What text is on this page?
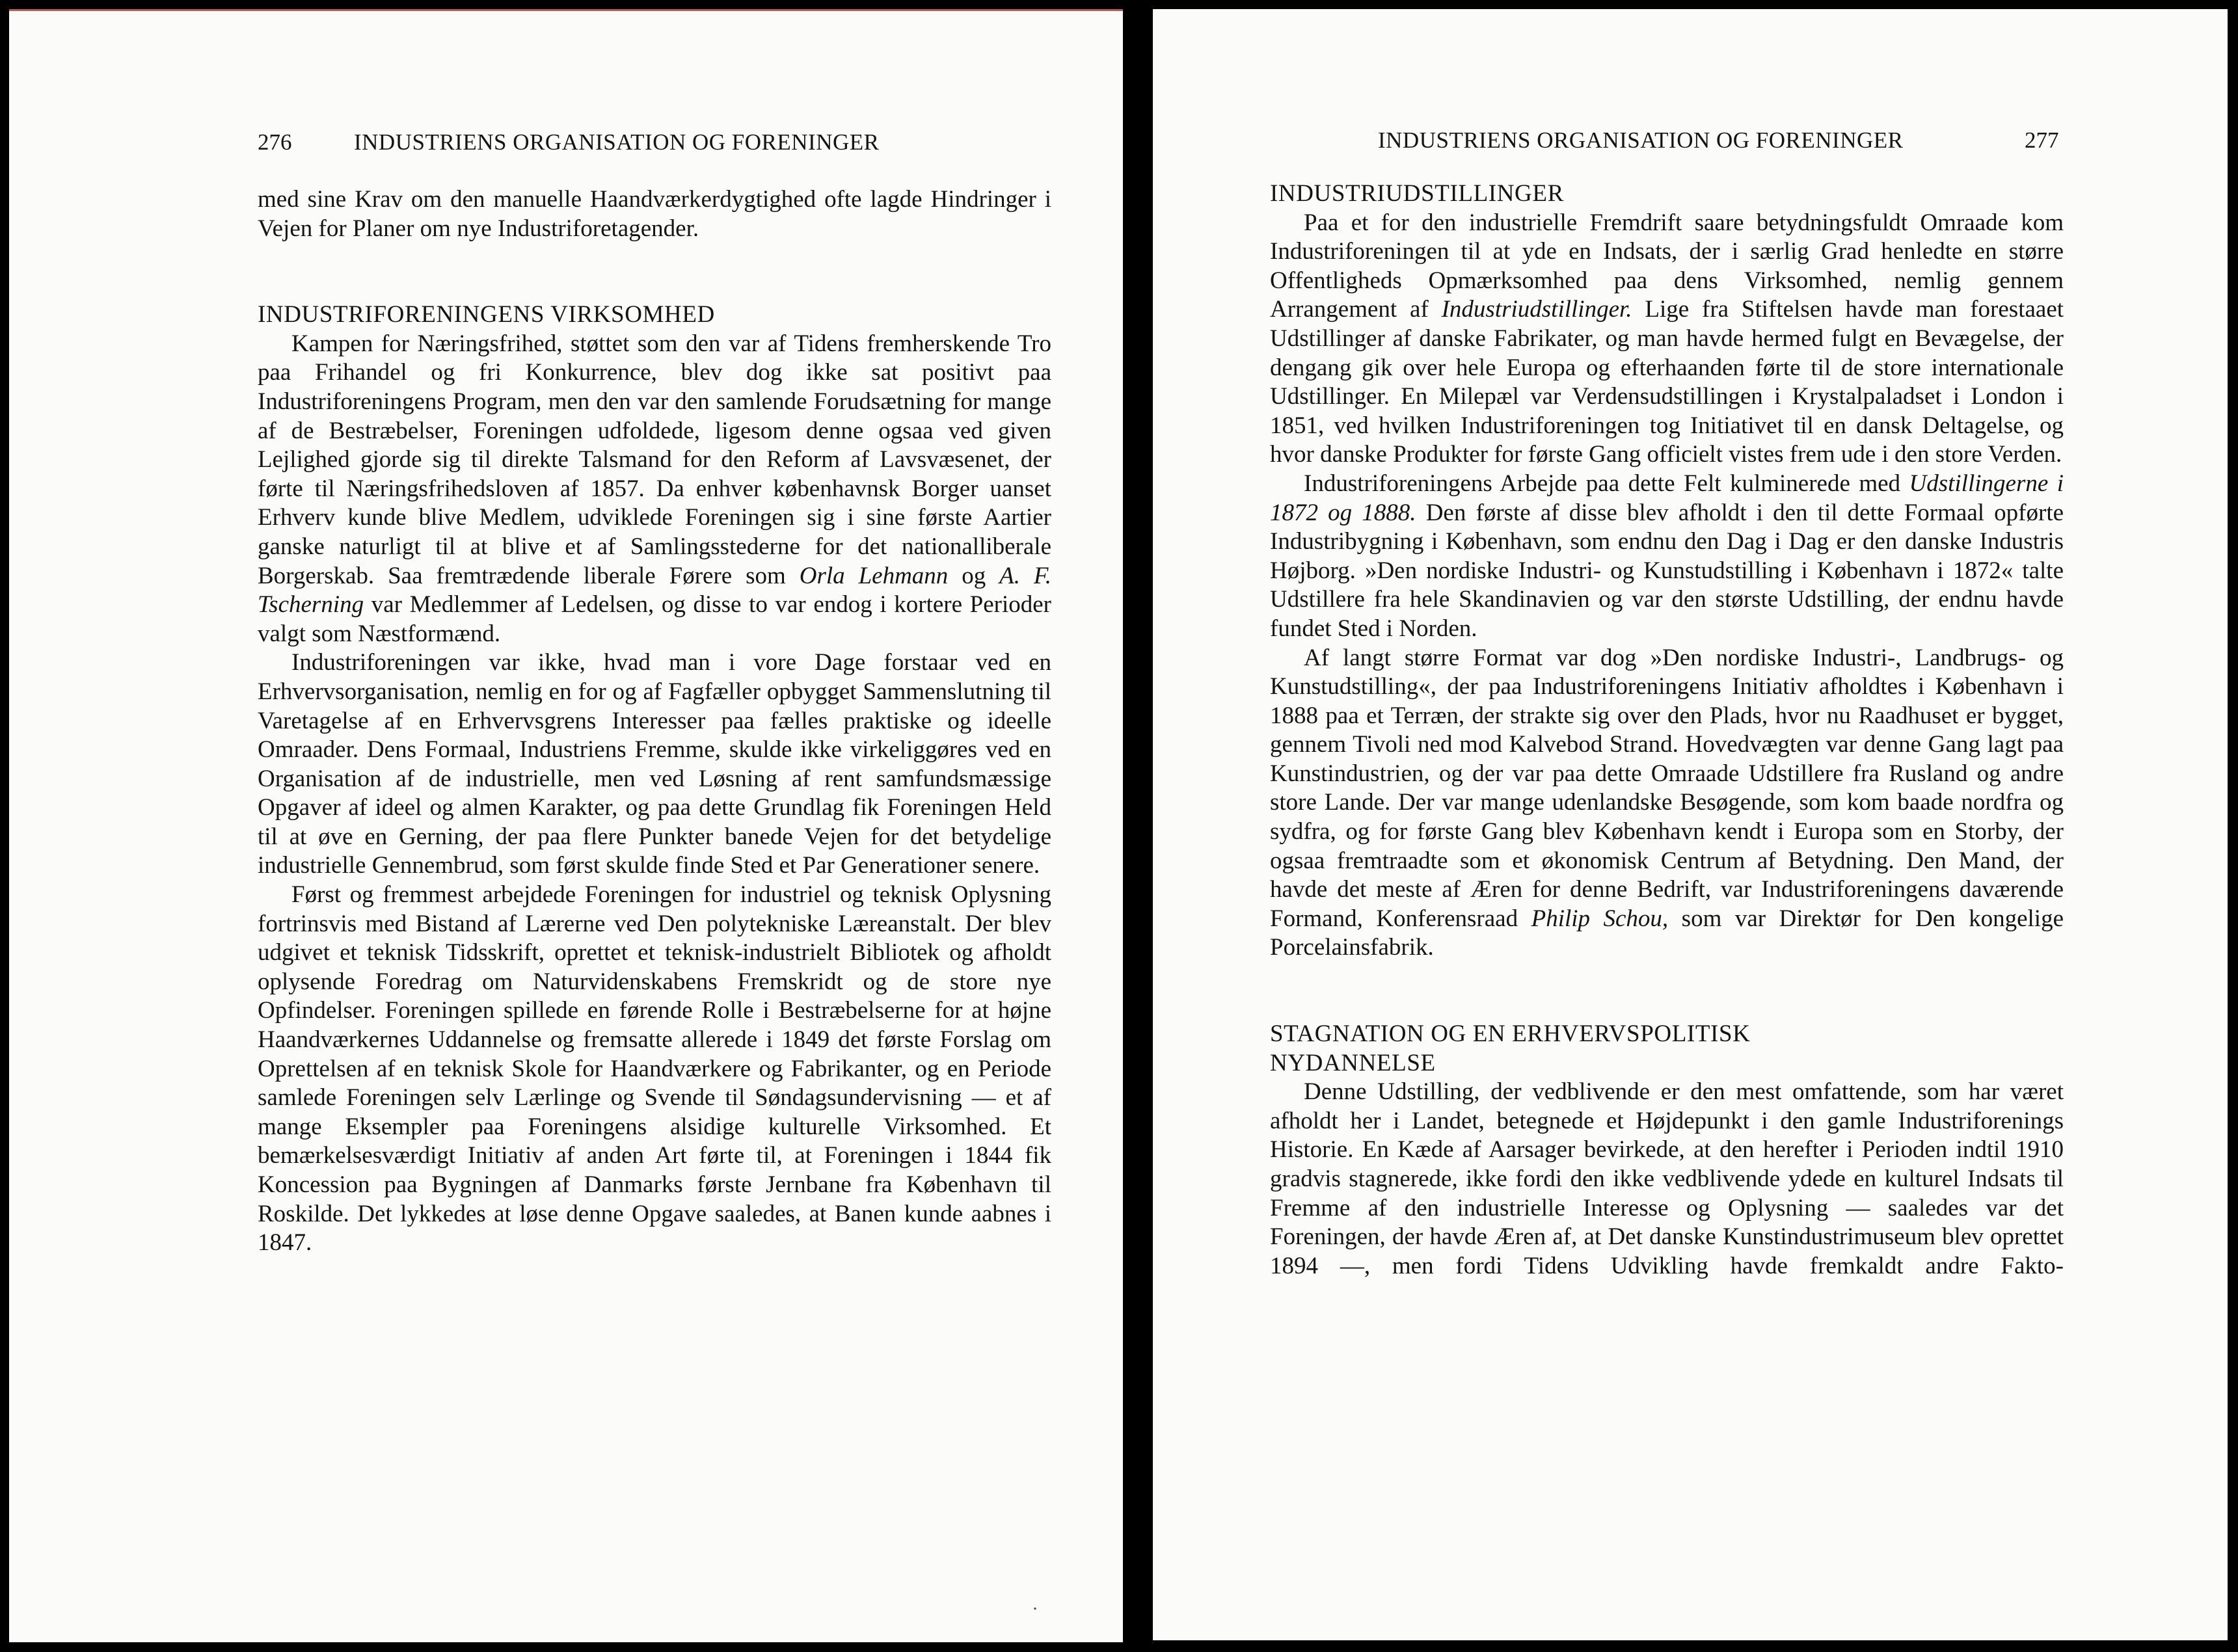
276	INDUSTRIENS ORGANISATION OG FORENINGER

med sine Krav om den manuelle Haandværkerdygtighed ofte lagde Hindringer i Vejen for Planer om nye Industriforetagender.

INDUSTRIFORENINGENS VIRKSOMHED

Kampen for Næringsfrihed, støttet som den var af Tidens fremherskende Tro paa Frihandel og fri Konkurrence, blev dog ikke sat positivt paa Industriforeningens Program, men den var den samlende Forudsætning for mange af de Bestræbelser, Foreningen udfoldede, ligesom denne ogsaa ved given Lejlighed gjorde sig til direkte Talsmand for den Reform af Lavsvæsenet, der førte til Næringsfrihedsloven af 1857. Da enhver københavnsk Borger uanset Erhverv kunde blive Medlem, udviklede Foreningen sig i sine første Aartier ganske naturligt til at blive et af Samlingsstederne for det nationalliberale Borgerskab. Saa fremtrædende liberale Førere som Orla Lehmann og A. F. Tscherning var Medlemmer af Ledelsen, og disse to var endog i kortere Perioder valgt som Næstformænd.

Industriforeningen var ikke, hvad man i vore Dage forstaar ved en Erhvervsorganisation, nemlig en for og af Fagfæller opbygget Sammenslutning til Varetagelse af en Erhvervsgrens Interesser paa fælles praktiske og ideelle Omraader. Dens Formaal, Industriens Fremme, skulde ikke virkeliggøres ved en Organisation af de industrielle, men ved Løsning af rent samfundsmæssige Opgaver af ideel og almen Karakter, og paa dette Grundlag fik Foreningen Held til at øve en Gerning, der paa flere Punkter banede Vejen for det betydelige industrielle Gennembrud, som først skulde finde Sted et Par Generationer senere.

Først og fremmest arbejdede Foreningen for industriel og teknisk Oplysning fortrinsvis med Bistand af Lærerne ved Den polytekniske Læreanstalt. Der blev udgivet et teknisk Tidsskrift, oprettet et teknisk-industrielt Bibliotek og afholdt oplysende Foredrag om Naturvidenskabens Fremskridt og de store nye Opfindelser. Foreningen spillede en førende Rolle i Bestræbelserne for at højne Haandværkernes Uddannelse og fremsatte allerede i 1849 det første Forslag om Oprettelsen af en teknisk Skole for Haandværkere og Fabrikanter, og en Periode samlede Foreningen selv Lærlinge og Svende til Søndagsundervisning — et af mange Eksempler paa Foreningens alsidige kulturelle Virksomhed. Et bemærkelsesværdigt Initiativ af anden Art førte til, at Foreningen i 1844 fik Koncession paa Bygningen af Danmarks første Jernbane fra København til Roskilde. Det lykkedes at løse denne Opgave saaledes, at Banen kunde aabnes i 1847.

·
INDUSTRIENS ORGANISATION OG FORENINGER	277
INDUSTRIUDSTILLINGER

Paa et for den industrielle Fremdrift saare betydningsfuldt Omraade kom Industriforeningen til at yde en Indsats, der i særlig Grad henledte en større Offentligheds Opmærksomhed paa dens Virksomhed, nemlig gennem Arrangement af Industriudstillinger. Lige fra Stiftelsen havde man forestaaet Udstillinger af danske Fabrikater, og man havde hermed fulgt en Bevægelse, der dengang gik over hele Europa og efterhaanden førte til de store internationale Udstillinger. En Milepæl var Verdensudstillingen i Krystalpaladset i London i 1851, ved hvilken Industriforeningen tog Initiativet til en dansk Deltagelse, og hvor danske Produkter for første Gang officielt vistes frem ude i den store Verden.

Industriforeningens Arbejde paa dette Felt kulminerede med Udstillingerne i 1872 og 1888. Den første af disse blev afholdt i den til dette Formaal opførte Industribygning i København, som endnu den Dag i Dag er den danske Industris Højborg. »Den nordiske Industri- og Kunstudstilling i København i 1872« talte Udstillere fra hele Skandinavien og var den største Udstilling, der endnu havde fundet Sted i Norden.

Af langt større Format var dog »Den nordiske Industri-, Landbrugs- og Kunstudstilling«, der paa Industriforeningens Initiativ afholdtes i København i 1888 paa et Terræn, der strakte sig over den Plads, hvor nu Raadhuset er bygget, gennem Tivoli ned mod Kalvebod Strand. Hovedvægten var denne Gang lagt paa Kunstindustrien, og der var paa dette Omraade Udstillere fra Rusland og andre store Lande. Der var mange udenlandske Besøgende, som kom baade nordfra og sydfra, og for første Gang blev København kendt i Europa som en Storby, der ogsaa fremtraadte som et økonomisk Centrum af Betydning. Den Mand, der havde det meste af Æren for denne Bedrift, var Industriforeningens daværende Formand, Konferensraad Philip Schou, som var Direktør for Den kongelige Porcelainsfabrik.

STAGNATION OG EN ERHVERVSPOLITISK
NYDANNELSE

Denne Udstilling, der vedblivende er den mest omfattende, som har været afholdt her i Landet, betegnede et Højdepunkt i den gamle Industriforenings Historie. En Kæde af Aarsager bevirkede, at den herefter i Perioden indtil 1910 gradvis stagnerede, ikke fordi den ikke vedblivende ydede en kulturel Indsats til Fremme af den industrielle Interesse og Oplysning — saaledes var det Foreningen, der havde Æren af, at Det danske Kunstindustrimuseum blev oprettet 1894 —, men fordi Tidens Udvikling havde fremkaldt andre Fakto-
